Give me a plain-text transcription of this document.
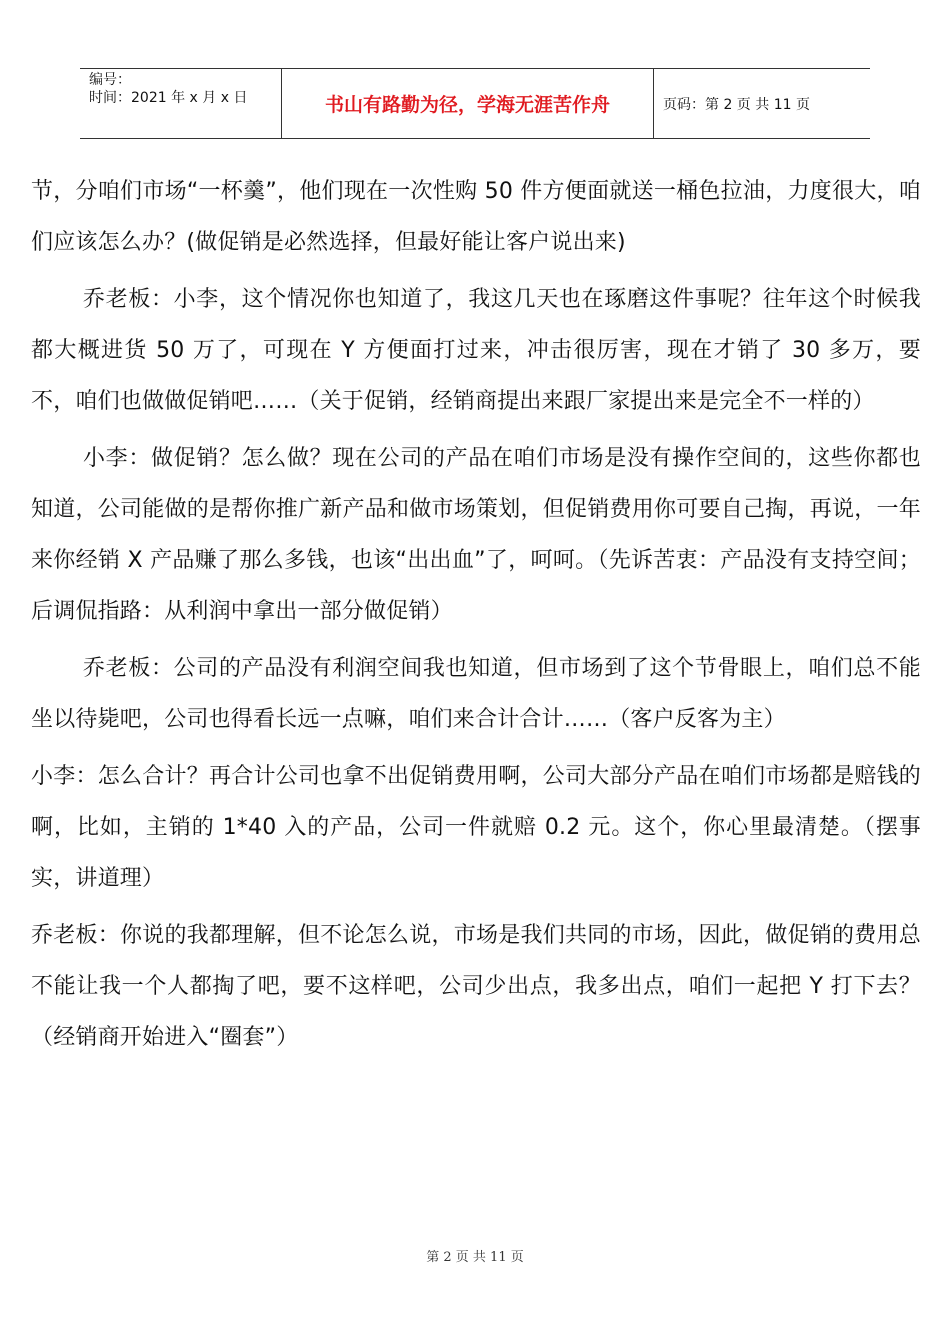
编号：
时间：2021 年 x 月 x 日	书山有路勤为径，学海无涯苦作舟	页码：第 2 页 共 11 页

节，分咱们市场“一杯羹”，他们现在一次性购 50 件方便面就送一桶色拉油，力度很大，咱们应该怎么办？(做促销是必然选择，但最好能让客户说出来)

乔老板：小李，这个情况你也知道了，我这几天也在琢磨这件事呢？往年这个时候我都大概进货 50 万了，可现在 Y 方便面打过来，冲击很厉害，现在才销了 30 多万，要不，咱们也做做促销吧……（关于促销，经销商提出来跟厂家提出来是完全不一样的）

小李：做促销？怎么做？现在公司的产品在咱们市场是没有操作空间的，这些你都也知道，公司能做的是帮你推广新产品和做市场策划，但促销费用你可要自己掏，再说，一年来你经销 X 产品赚了那么多钱，也该“出出血”了，呵呵。（先诉苦衷：产品没有支持空间；后调侃指路：从利润中拿出一部分做促销）

乔老板：公司的产品没有利润空间我也知道，但市场到了这个节骨眼上，咱们总不能坐以待毙吧，公司也得看长远一点嘛，咱们来合计合计……（客户反客为主）

小李：怎么合计？再合计公司也拿不出促销费用啊，公司大部分产品在咱们市场都是赔钱的啊，比如，主销的 1*40 入的产品，公司一件就赔 0.2 元。这个，你心里最清楚。（摆事实，讲道理）

乔老板：你说的我都理解，但不论怎么说，市场是我们共同的市场，因此，做促销的费用总不能让我一个人都掏了吧，要不这样吧，公司少出点，我多出点，咱们一起把 Y 打下去？（经销商开始进入“圈套”）

第 2 页 共 11 页
